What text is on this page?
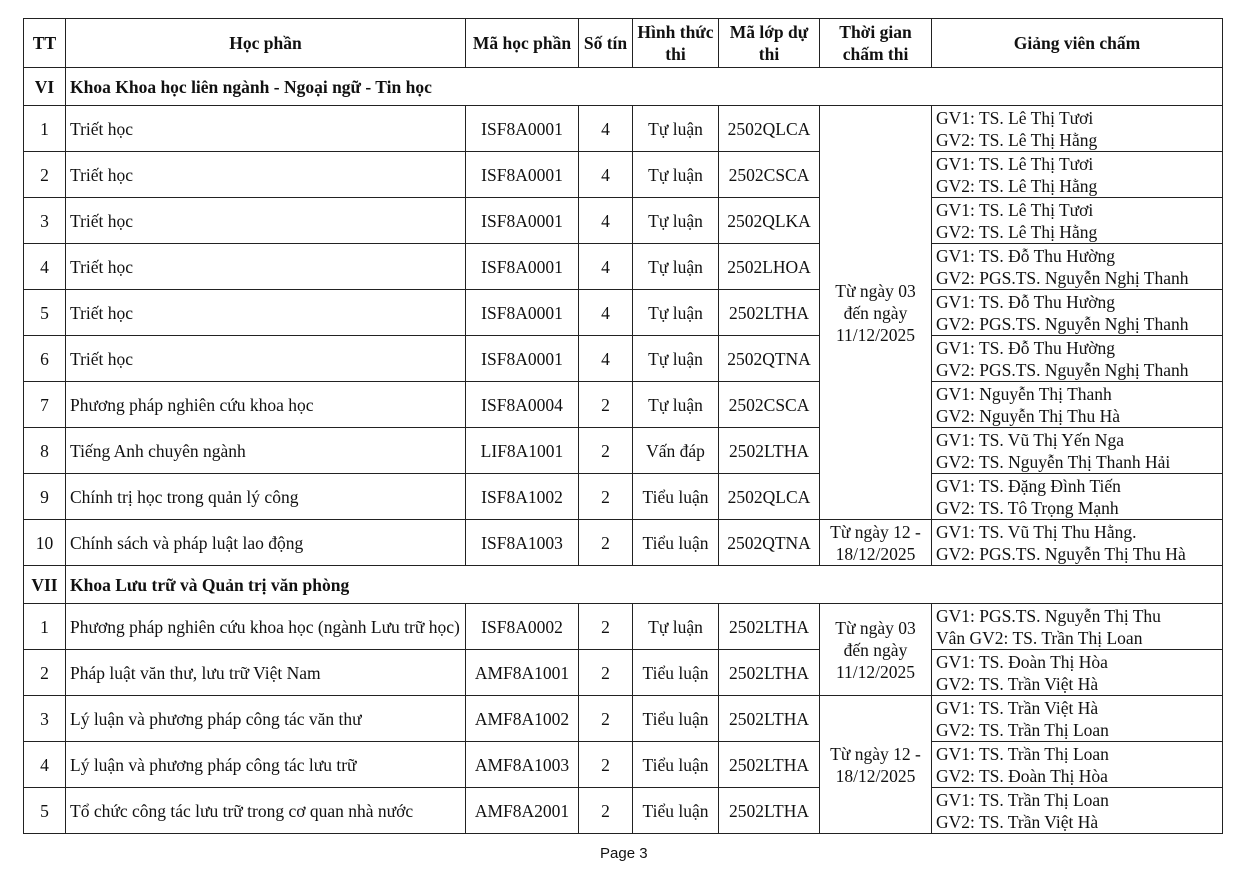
TT	Học phần	Mã học phần	Số tín	Hình thức thi	Mã lớp dự thi	Thời gian chấm thi	Giảng viên chấm
VI	Khoa Khoa học liên ngành - Ngoại ngữ - Tin học						
1	Triết học	ISF8A0001	4	Tự luận	2502QLCA	Từ ngày 03 đến ngày 11/12/2025	GV1: TS. Lê Thị Tươi
GV2: TS. Lê Thị Hằng

2	Triết học	ISF8A0001	4	Tự luận	2502CSCA		GV1: TS. Lê Thị Tươi
GV2: TS. Lê Thị Hằng

3	Triết học	ISF8A0001	4	Tự luận	2502QLKA		GV1: TS. Lê Thị Tươi
GV2: TS. Lê Thị Hằng

4	Triết học	ISF8A0001	4	Tự luận	2502LHOA		GV1: TS. Đỗ Thu Hường
GV2: PGS.TS. Nguyễn Nghị Thanh

5	Triết học	ISF8A0001	4	Tự luận	2502LTHA		GV1: TS. Đỗ Thu Hường
GV2: PGS.TS. Nguyễn Nghị Thanh

6	Triết học	ISF8A0001	4	Tự luận	2502QTNA		GV1: TS. Đỗ Thu Hường
GV2: PGS.TS. Nguyễn Nghị Thanh

7	Phương pháp nghiên cứu khoa học	ISF8A0004	2	Tự luận	2502CSCA		GV1: Nguyễn Thị Thanh
GV2: Nguyễn Thị Thu Hà

8	Tiếng Anh chuyên ngành	LIF8A1001	2	Vấn đáp	2502LTHA		GV1: TS. Vũ Thị Yến Nga
GV2: TS. Nguyễn Thị Thanh Hải

9	Chính trị học trong quản lý công	ISF8A1002	2	Tiểu luận	2502QLCA		GV1: TS. Đặng Đình Tiến
GV2: TS. Tô Trọng Mạnh

10	Chính sách và pháp luật lao động	ISF8A1003	2	Tiểu luận	2502QTNA	Từ ngày 12 - 18/12/2025	GV1: TS. Vũ Thị Thu Hằng.
GV2: PGS.TS. Nguyễn Thị Thu Hà

VII	Khoa Lưu trữ và Quản trị văn phòng						
1	Phương pháp nghiên cứu khoa học (ngành Lưu trữ học)	ISF8A0002	2	Tự luận	2502LTHA	Từ ngày 03 đến ngày 11/12/2025	GV1: PGS.TS. Nguyễn Thị Thu
Vân GV2: TS. Trần Thị Loan

2	Pháp luật văn thư, lưu trữ Việt Nam	AMF8A1001	2	Tiểu luận	2502LTHA		GV1: TS. Đoàn Thị Hòa
GV2: TS. Trần Việt Hà

3	Lý luận và phương pháp công tác văn thư	AMF8A1002	2	Tiểu luận	2502LTHA	Từ ngày 12 - 18/12/2025	GV1: TS. Trần Việt Hà
GV2: TS. Trần Thị Loan

4	Lý luận và phương pháp công tác lưu trữ	AMF8A1003	2	Tiểu luận	2502LTHA		GV1: TS. Trần Thị Loan
GV2: TS. Đoàn Thị Hòa

5	Tổ chức công tác lưu trữ trong cơ quan nhà nước	AMF8A2001	2	Tiểu luận	2502LTHA		GV1: TS. Trần Thị Loan
GV2: TS. Trần Việt Hà
Page 3
